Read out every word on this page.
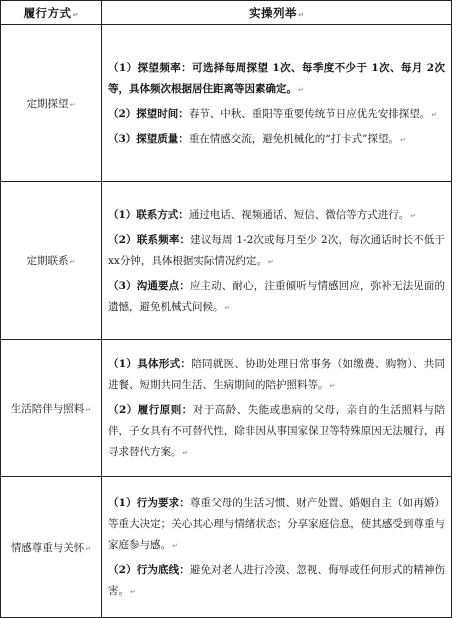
履行方式↵	实操列举↵
定期探望↵	（1）探望频率：可选择每周探望 1次、每季度不少于 1次、每月 2次等，具体频次根据居住距离等因素确定。↵
（2）探望时间：春节、中秋、重阳等重要传统节日应优先安排探望。↵
（3）探望质量：重在情感交流，避免机械化的“打卡式”探望。↵

定期联系↵	（1）联系方式：通过电话、视频通话、短信、微信等方式进行。↵
（2）联系频率：建议每周 1-2次或每月至少 2次，每次通话时长不低于 xx分钟，具体根据实际情况约定。↵
（3）沟通要点：应主动、耐心，注重倾听与情感回应，弥补无法见面的遗憾，避免机械式问候。↵

生活陪伴与照料↵	（1）具体形式：陪同就医、协助处理日常事务（如缴费、购物）、共同进餐、短期共同生活、生病期间的陪护照料等。↵
（2）履行原则：对于高龄、失能或患病的父母，亲自的生活照料与陪伴，子女具有不可替代性，除非因从事国家保卫等特殊原因无法履行，再寻求替代方案。↵

情感尊重与关怀↵	（1）行为要求：尊重父母的生活习惯、财产处置、婚姻自主（如再婚）等重大决定；关心其心理与情绪状态；分享家庭信息，使其感受到尊重与家庭参与感。↵
（2）行为底线：避免对老人进行冷漠、忽视、侮辱或任何形式的精神伤害。↵
